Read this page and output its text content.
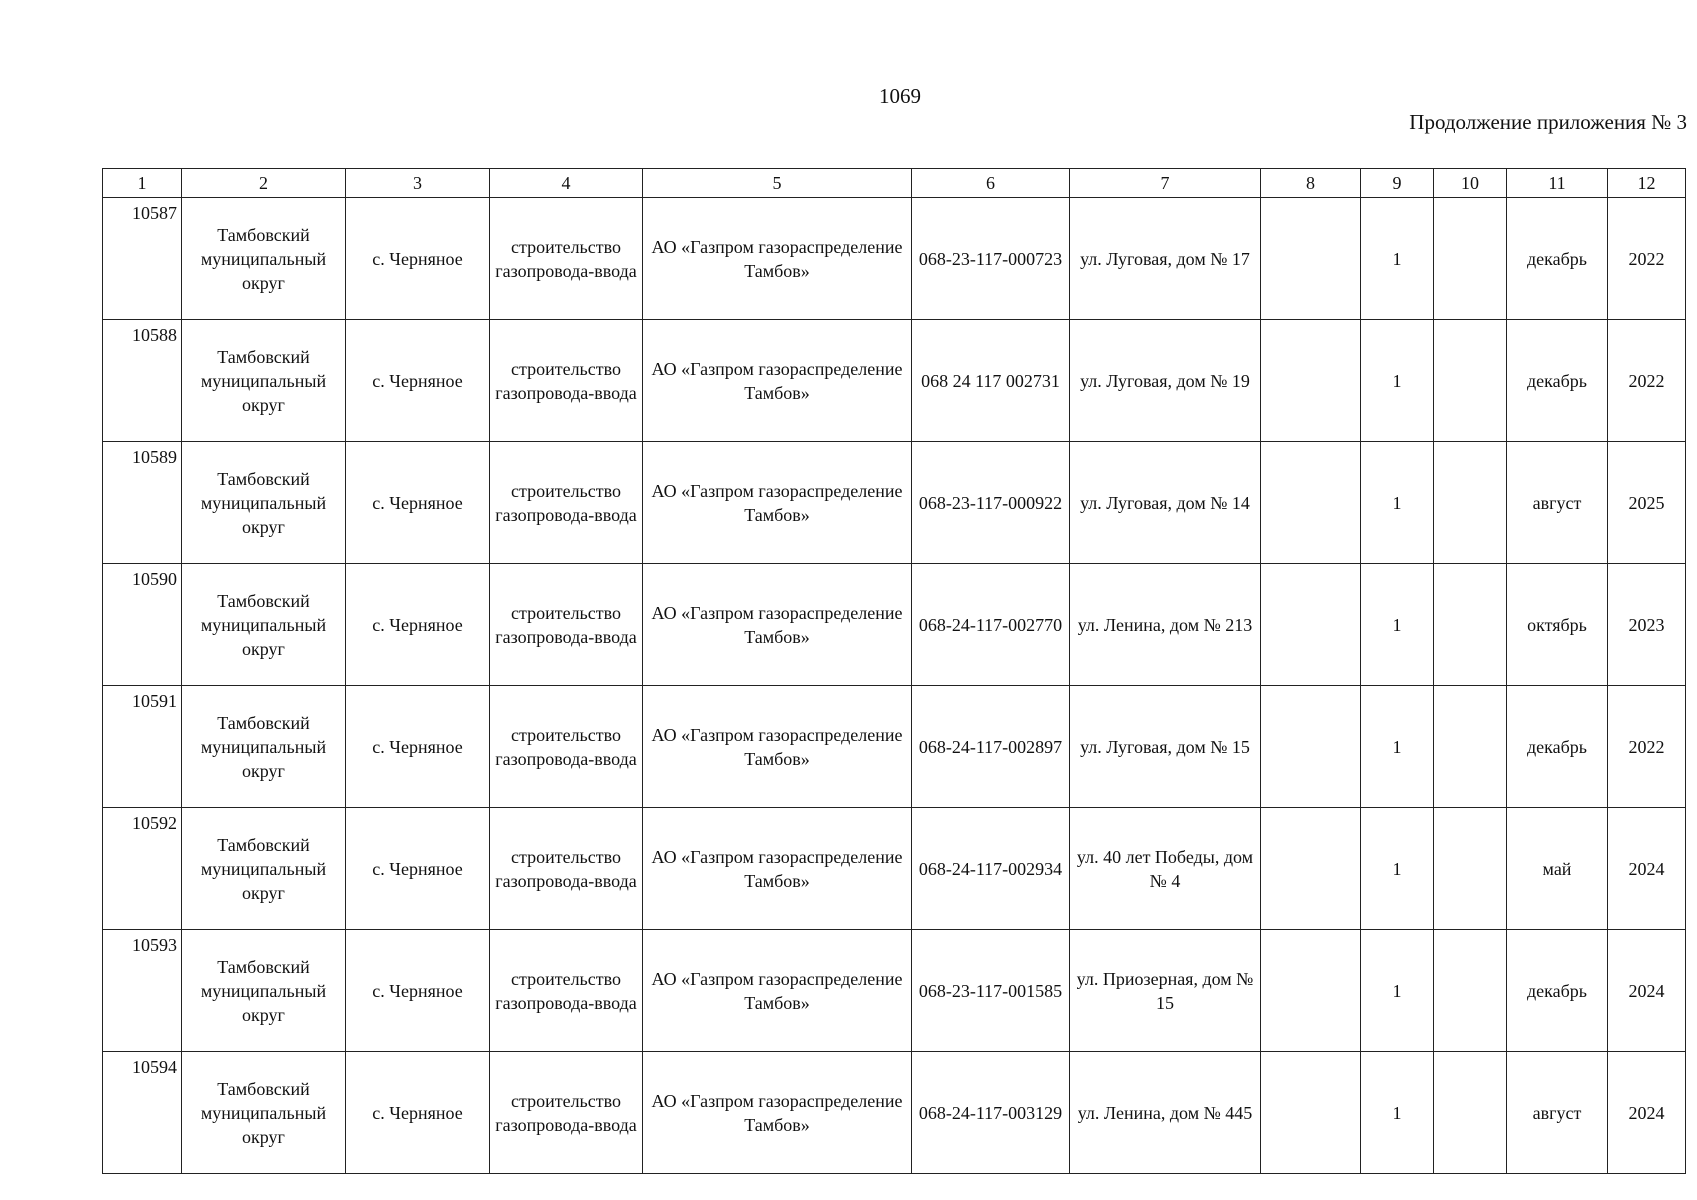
1069
Продолжение приложения № 3
1	2	3	4	5	6	7	8	9	10	11	12
10587	Тамбовский муниципальный округ	с. Черняное	строительство газопровода-ввода	АО «Газпром газораспределение Тамбов»	068-23-117-000723	ул. Луговая, дом № 17		1		декабрь	2022
10588	Тамбовский муниципальный округ	с. Черняное	строительство газопровода-ввода	АО «Газпром газораспределение Тамбов»	068 24 117 002731	ул. Луговая, дом № 19		1		декабрь	2022
10589	Тамбовский муниципальный округ	с. Черняное	строительство газопровода-ввода	АО «Газпром газораспределение Тамбов»	068-23-117-000922	ул. Луговая, дом № 14		1		август	2025
10590	Тамбовский муниципальный округ	с. Черняное	строительство газопровода-ввода	АО «Газпром газораспределение Тамбов»	068-24-117-002770	ул. Ленина, дом № 213		1		октябрь	2023
10591	Тамбовский муниципальный округ	с. Черняное	строительство газопровода-ввода	АО «Газпром газораспределение Тамбов»	068-24-117-002897	ул. Луговая, дом № 15		1		декабрь	2022
10592	Тамбовский муниципальный округ	с. Черняное	строительство газопровода-ввода	АО «Газпром газораспределение Тамбов»	068-24-117-002934	ул. 40 лет Победы, дом № 4		1		май	2024
10593	Тамбовский муниципальный округ	с. Черняное	строительство газопровода-ввода	АО «Газпром газораспределение Тамбов»	068-23-117-001585	ул. Приозерная, дом № 15		1		декабрь	2024
10594	Тамбовский муниципальный округ	с. Черняное	строительство газопровода-ввода	АО «Газпром газораспределение Тамбов»	068-24-117-003129	ул. Ленина, дом № 445		1		август	2024
